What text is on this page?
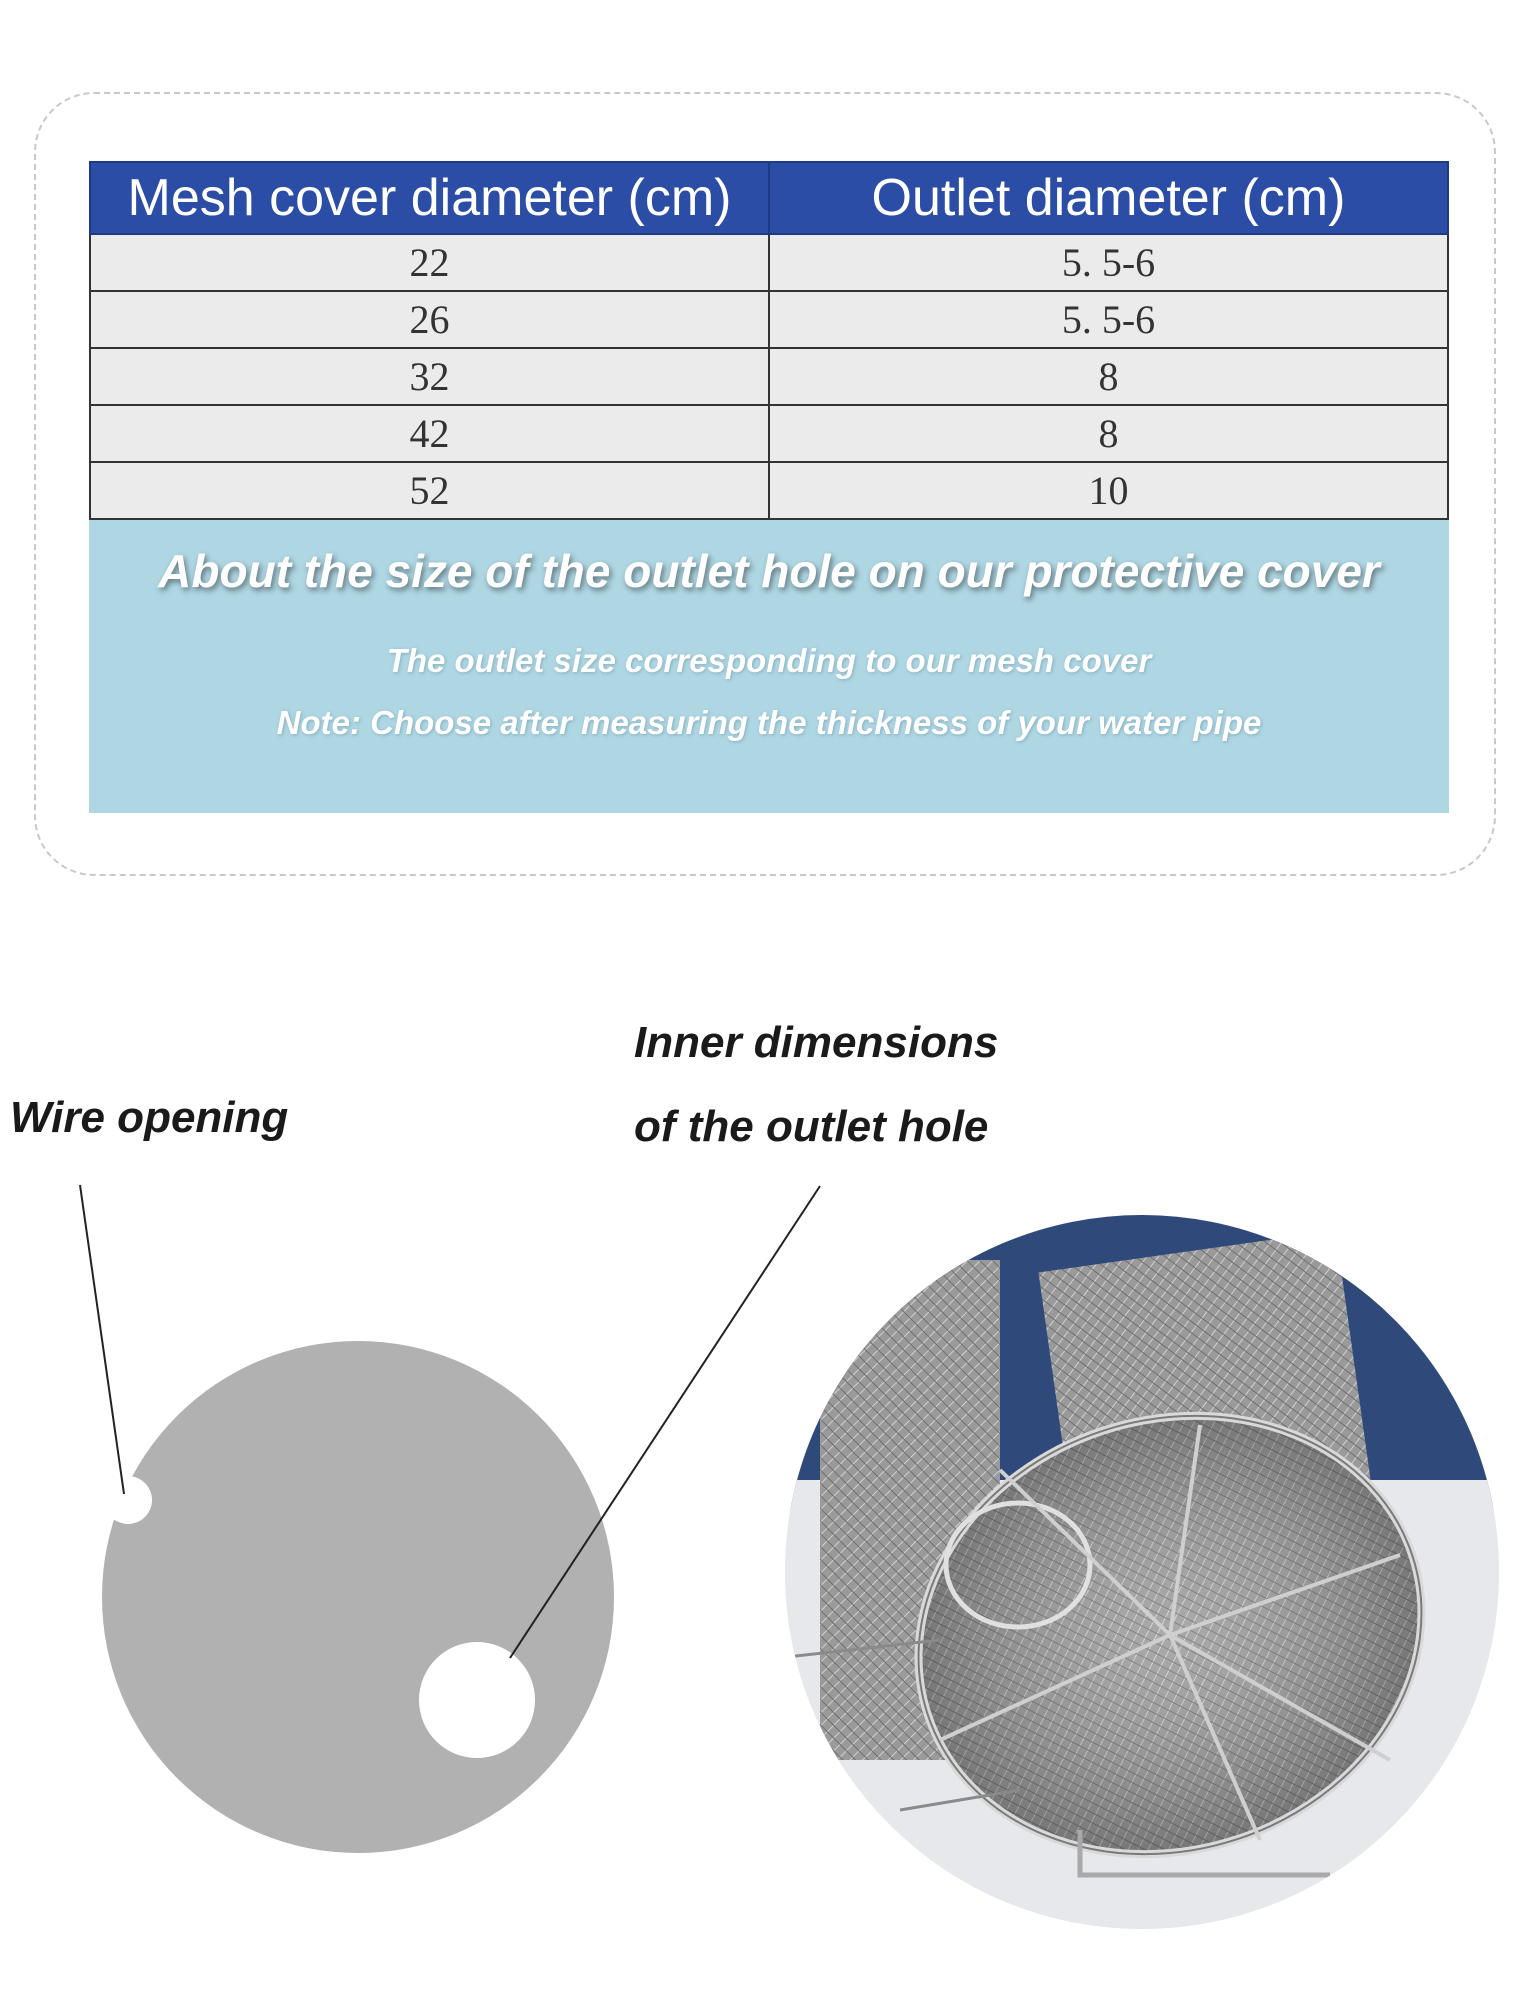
Mesh cover diameter (cm)	Outlet diameter (cm)
22	5. 5-6
26	5. 5-6
32	8
42	8
52	10

About the size of the outlet hole on our protective cover

The outlet size corresponding to our mesh cover

Note: Choose after measuring the thickness of your water pipe

Wire opening

Inner dimensions

of the outlet hole
